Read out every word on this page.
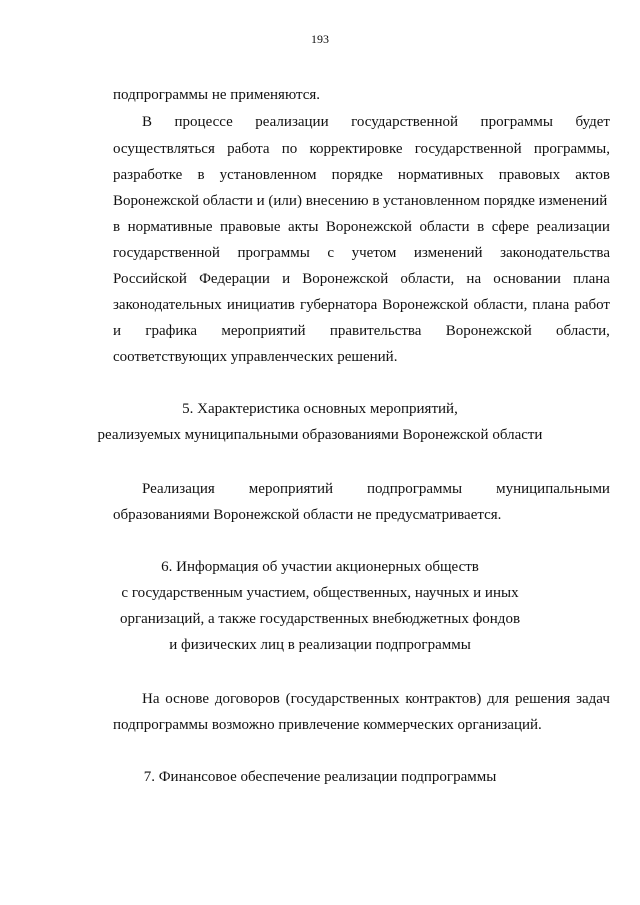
193
подпрограммы не применяются.
В процессе реализации государственной программы будет
осуществляться работа по корректировке государственной программы,
разработке в установленном порядке нормативных правовых актов
Воронежской области и (или) внесению в установленном порядке изменений
в нормативные правовые акты Воронежской области в сфере реализации
государственной программы с учетом изменений законодательства
Российской Федерации и Воронежской области, на основании плана
законодательных инициатив губернатора Воронежской области, плана работ
и графика мероприятий правительства Воронежской области,
соответствующих управленческих решений.
5. Характеристика основных мероприятий,
реализуемых муниципальными образованиями Воронежской области
Реализация мероприятий подпрограммы муниципальными
образованиями Воронежской области не предусматривается.
6. Информация об участии акционерных обществ
с государственным участием, общественных, научных и иных
организаций, а также государственных внебюджетных фондов
и физических лиц в реализации подпрограммы
На основе договоров (государственных контрактов) для решения задач
подпрограммы возможно привлечение коммерческих организаций.
7. Финансовое обеспечение реализации подпрограммы
